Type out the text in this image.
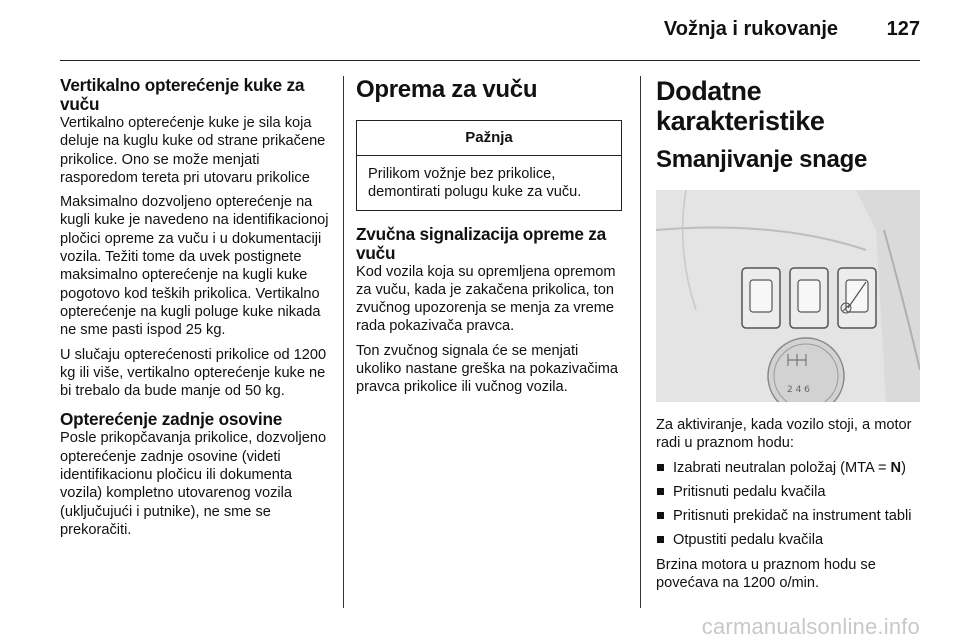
Vožnja i rukovanje 127
Vertikalno opterećenje kuke za vuču

Vertikalno opterećenje kuke je sila koja deluje na kuglu kuke od strane prikačene prikolice. Ono se može menjati rasporedom tereta pri utovaru prikolice

Maksimalno dozvoljeno opterećenje na kugli kuke je navedeno na identifikacionoj pločici opreme za vuču i u dokumentaciji vozila. Težiti tome da uvek postignete maksimalno opterećenje na kugli kuke pogotovo kod teških prikolica. Vertikalno opterećenje na kugli poluge kuke nikada ne sme pasti ispod 25 kg.

U slučaju opterećenosti prikolice od 1200 kg ili više, vertikalno opterećenje kuke ne bi trebalo da bude manje od 50 kg.

Opterećenje zadnje osovine

Posle prikopčavanja prikolice, dozvoljeno opterećenje zadnje osovine (videti identifikacionu pločicu ili dokumenta vozila) kompletno utovarenog vozila (uključujući i putnike), ne sme se prekoračiti.

Oprema za vuču
Pažnja
Prilikom vožnje bez prikolice, demontirati polugu kuke za vuču.
Zvučna signalizacija opreme za vuču

Kod vozila koja su opremljena opremom za vuču, kada je zakačena prikolica, ton zvučnog upozorenja se menja za vreme rada pokazivača pravca.

Ton zvučnog signala će se menjati ukoliko nastane greška na pokazivačima pravca prikolice ili vučnog vozila.

Dodatne karakteristike
Smanjivanje snage
2 4 6

Za aktiviranje, kada vozilo stoji, a motor radi u praznom hodu:

Izabrati neutralan položaj (MTA = N)
Pritisnuti pedalu kvačila
Pritisnuti prekidač na instrument tabli
Otpustiti pedalu kvačila

Brzina motora u praznom hodu se povećava na 1200 o/min.

carmanualsonline.info
